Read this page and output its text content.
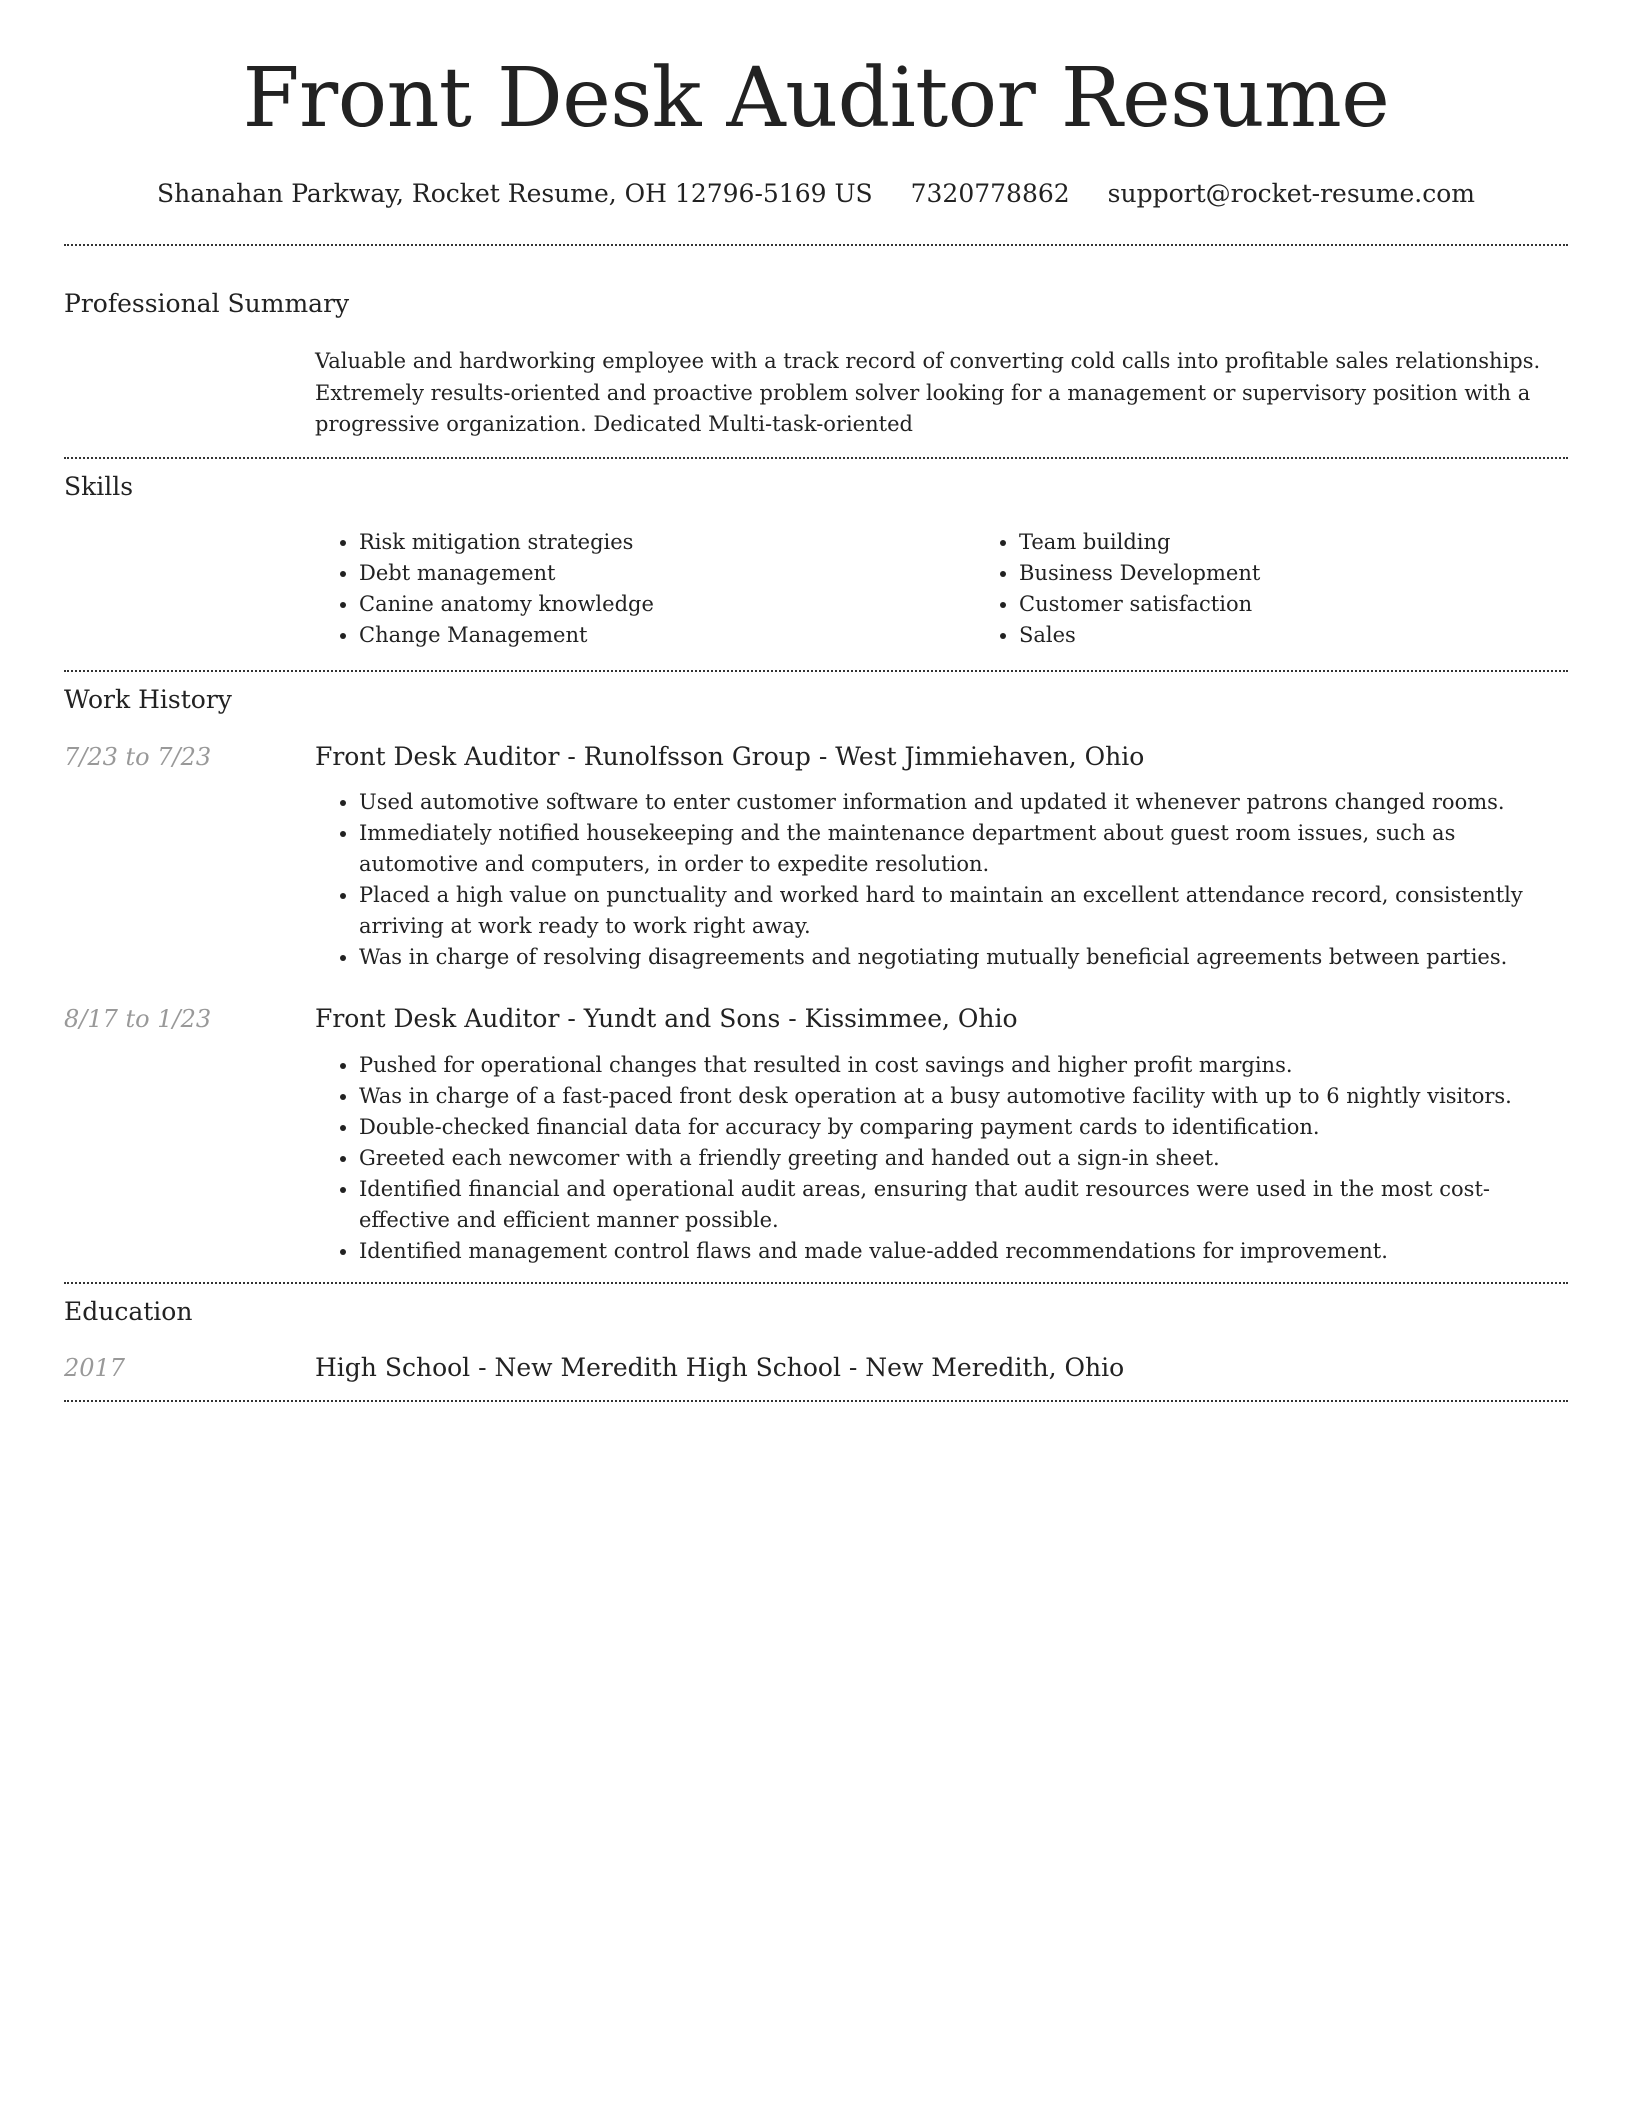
Front Desk Auditor Resume
Shanahan Parkway, Rocket Resume, OH 12796-5169 US 7320778862 support@rocket-resume.com
Professional Summary

Valuable and hardworking employee with a track record of converting cold calls into profitable sales relationships. Extremely results-oriented and proactive problem solver looking for a management or supervisory position with a progressive organization. Dedicated Multi-task-oriented

Skills
• Risk mitigation strategies
• Debt management
• Canine anatomy knowledge
• Change Management
• Team building
• Business Development
• Customer satisfaction
• Sales
Work History
7/23 to 7/23	Front Desk Auditor - Runolfsson Group - West Jimmiehaven, Ohio
• Used automotive software to enter customer information and updated it whenever patrons changed rooms.
• Immediately notified housekeeping and the maintenance department about guest room issues, such as automotive and computers, in order to expedite resolution.
• Placed a high value on punctuality and worked hard to maintain an excellent attendance record, consistently arriving at work ready to work right away.
• Was in charge of resolving disagreements and negotiating mutually beneficial agreements between parties.
8/17 to 1/23	Front Desk Auditor - Yundt and Sons - Kissimmee, Ohio
• Pushed for operational changes that resulted in cost savings and higher profit margins.
• Was in charge of a fast-paced front desk operation at a busy automotive facility with up to 6 nightly visitors.
• Double-checked financial data for accuracy by comparing payment cards to identification.
• Greeted each newcomer with a friendly greeting and handed out a sign-in sheet.
• Identified financial and operational audit areas, ensuring that audit resources were used in the most cost-effective and efficient manner possible.
• Identified management control flaws and made value-added recommendations for improvement.
Education
2017	High School - New Meredith High School - New Meredith, Ohio
